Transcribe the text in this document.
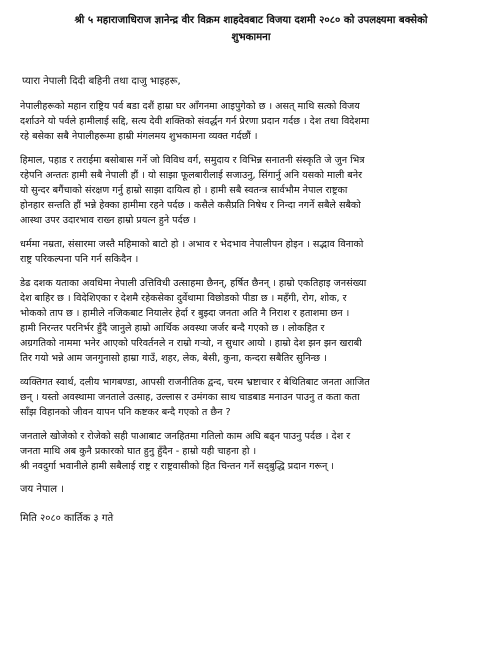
श्री ५ महाराजाधिराज ज्ञानेन्द्र वीर विक्रम शाहदेवबाट विजया दशमी २०८० को उपलक्ष्यमा बक्सेको
शुभकामना
प्यारा नेपाली दिदी बहिनी तथा दाजु भाइहरू,
नेपालीहरूको महान राष्ट्रिय पर्व बडा दशैं हाम्रा घर आँगनमा आइपुगेको छ । असत् माथि सत्को विजय
दर्शाउने यो पर्वले हामीलाई सद्दि, सत्य देवी शक्तिको संवर्द्धन गर्न प्रेरणा प्रदान गर्दछ । देश तथा विदेशमा
रहे बसेका सबै नेपालीहरूमा हाम्री मंगलमय शुभकामना व्यक्त गर्दछौं ।
हिमाल, पहाड र तराईमा बसोबास गर्ने जो विविध वर्ग, समुदाय र विभिन्न सनातनी संस्कृति जे जुन भित्र
रहेपनि अन्ततः हामी सबै नेपाली हौं । यो साझा फूलबारीलाई सजाउनु, सिंगार्नु अनि यसको माली बनेर
यो सुन्दर बगैंचाको संरक्षण गर्नु हाम्रो साझा दायित्व हो । हामी सबै स्वतन्त्र सार्वभौम नेपाल राष्ट्रका
होनहार सन्तति हौं भन्ने हेक्का हामीमा रहने पर्दछ । कसैले कसैप्रति निषेध र निन्दा नगर्ने सबैले सबैको
आस्था उपर उदारभाव राख्न हाम्रो प्रयत्न हुने पर्दछ ।
धर्ममा नम्रता, संसारमा जस्तै महिमाको बाटो हो । अभाव र भेदभाव नेपालीपन होइन । सद्भाव विनाको
राष्ट्र परिकल्पना पनि गर्न सकिदैन ।
डेढ दशक यताका अवधिमा नेपाली उत्तिविधी उत्साहमा छैनन्, हर्षित छैनन् । हाम्रो एकतिहाइ जनसंख्या
देश बाहिर छ । विदेशिएका र देशमै रहेकसेका दुर्वेथामा विछोडको पीडा छ । महँगी, रोग, शोक, र
भोकको ताप छ । हामीले नजिकबाट नियालेर हेर्दा र बुझ्दा जनता अति नै निराश र हताशमा छन ।
हामी निरन्तर परनिर्भर हुँदै जानुले हाम्रो आर्थिक अवस्था जर्जर बन्दै गएको छ । लोकहित र
अग्रगतिको नाममा भनेर आएको परिवर्तनले न राम्रो गर्‍यो, न सुधार आयो । हाम्रो देश झन झन खराबी
तिर गयो भन्ने आम जनगुनासो हाम्रा गाउँ, शहर, लेक, बेसी, कुना, कन्दरा सबैतिर सुनिन्छ ।
व्यक्तिगत स्वार्थ, दलीय भागबण्डा, आपसी राजनीतिक द्वन्द, चरम भ्रष्टाचार र बेथितिबाट जनता आजित
छन् । यस्तो अवस्थामा जनताले उत्साह, उल्लास र उमंगका साथ चाडबाड मनाउन पाउनु त कता कता
साँझ विहानको जीवन यापन पनि कष्टकर बन्दै गएको त छैन ?
जनताले खोजेको र रोजेको सही पाआबाट जनहितमा गतिलो काम अघि बढ्न पाउनु पर्दछ । देश र
जनता माथि अब कुनै प्रकारको घात हुनु हुँदैन - हाम्रो यही चाहना हो ।
श्री नवदुर्गा भवानीले हामी सबैलाई राष्ट्र र राष्ट्रवासीको हित चिन्तन गर्ने सद्‌बुद्धि प्रदान गरून् ।
जय नेपाल ।
मिति २०८० कार्तिक ३ गते
